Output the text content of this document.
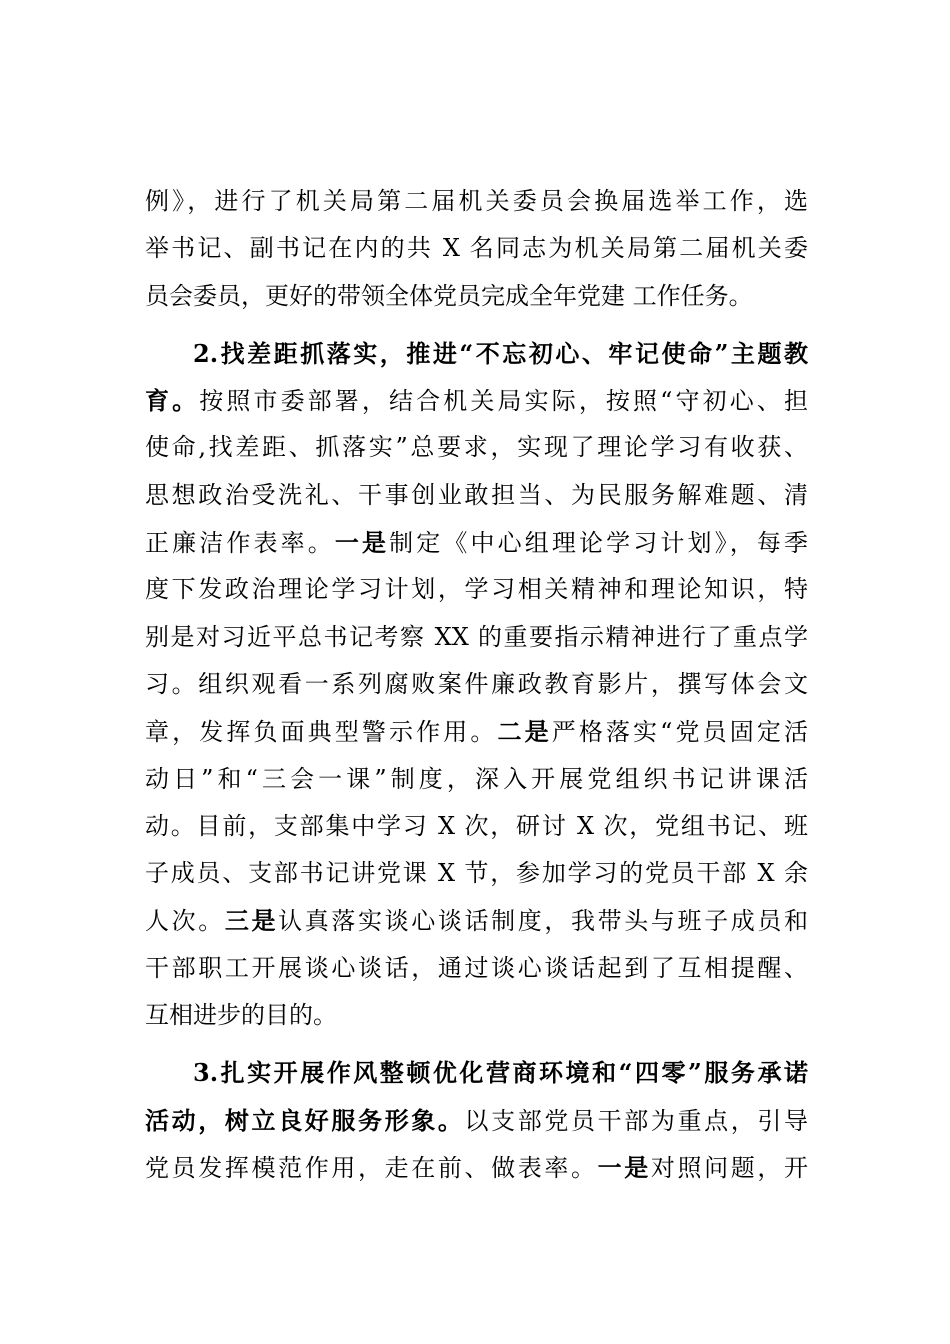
例》，进行了机关局第二届机关委员会换届选举工作，选
举书记、副书记在内的共 X 名同志为机关局第二届机关委
员会委员，更好的带领全体党员完成全年党建 工作任务。
2.找差距抓落实，推进“不忘初心、牢记使命”主题教
育。按照市委部署，结合机关局实际，按照“守初心、担
使命,找差距、抓落实”总要求，实现了理论学习有收获、
思想政治受洗礼、干事创业敢担当、为民服务解难题、清
正廉洁作表率。一是制定《中心组理论学习计划》，每季
度下发政治理论学习计划，学习相关精神和理论知识，特
别是对习近平总书记考察 XX 的重要指示精神进行了重点学
习。组织观看一系列腐败案件廉政教育影片，撰写体会文
章，发挥负面典型警示作用。二是严格落实“党员固定活
动日”和“三会一课”制度，深入开展党组织书记讲课活
动。目前，支部集中学习 X 次，研讨 X 次，党组书记、班
子成员、支部书记讲党课 X 节，参加学习的党员干部 X 余
人次。三是认真落实谈心谈话制度，我带头与班子成员和
干部职工开展谈心谈话，通过谈心谈话起到了互相提醒、
互相进步的目的。
3.扎实开展作风整顿优化营商环境和“四零”服务承诺
活动，树立良好服务形象。以支部党员干部为重点，引导
党员发挥模范作用，走在前、做表率。一是对照问题，开
